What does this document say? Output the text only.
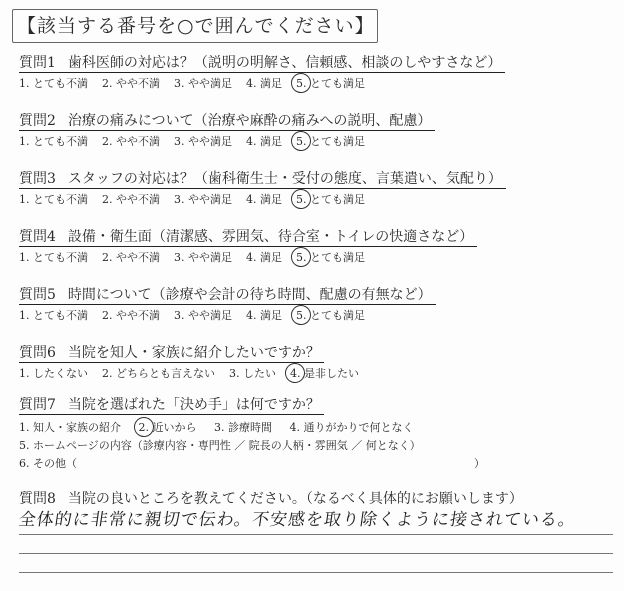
【該当する番号を○で囲んでください】
質問1 歯科医師の対応は？（説明の明解さ、信頼感、相談のしやすさなど）
1. とても不満 2. やや不満 3. やや満足 4. 満足 5. とても満足
質問2 治療の痛みについて（治療や麻酔の痛みへの説明、配慮）
1. とても不満 2. やや不満 3. やや満足 4. 満足 5. とても満足
質問3 スタッフの対応は？（歯科衛生士・受付の態度、言葉遣い、気配り）
1. とても不満 2. やや不満 3. やや満足 4. 満足 5. とても満足
質問4 設備・衛生面（清潔感、雰囲気、待合室・トイレの快適さなど）
1. とても不満 2. やや不満 3. やや満足 4. 満足 5. とても満足
質問5 時間について（診療や会計の待ち時間、配慮の有無など）
1. とても不満 2. やや不満 3. やや満足 4. 満足 5. とても満足
質問6 当院を知人・家族に紹介したいですか？
1. したくない 2. どちらとも言えない 3. したい 4. 是非したい
質問7 当院を選ばれた「決め手」は何ですか？
1. 知人・家族の紹介 2. 近いから 3. 診療時間 4. 通りがかりで何となく
5. ホームページの内容（診療内容・専門性 ／ 院長の人柄・雰囲気 ／ 何となく）
6. その他（	）
質問8 当院の良いところを教えてください。（なるべく具体的にお願いします）
全体的に非常に親切で伝わ。不安感を取り除くように接されている。
